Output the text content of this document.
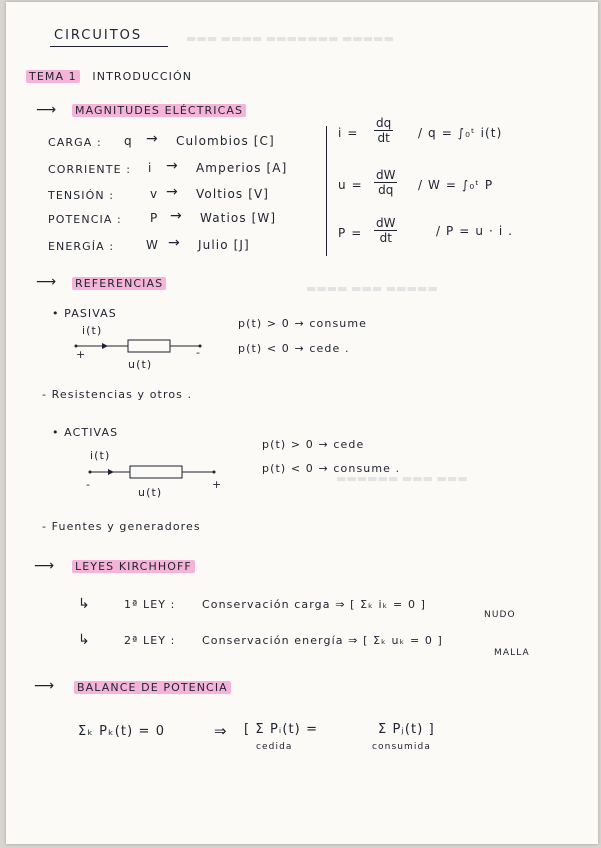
▬▬▬ ▬▬▬▬ ▬▬▬▬▬▬▬ ▬▬▬▬▬
▬▬▬▬ ▬▬▬ ▬▬▬▬▬
▬▬▬▬▬▬ ▬▬▬ ▬▬▬
CIRCUITOS
TEMA 1 INTRODUCCIÓN
⟶ MAGNITUDES ELÉCTRICAS
CARGA : q → Culombios [C]
CORRIENTE : i → Amperios [A]
TENSIÓN :	v → Voltios [V]
POTENCIA : P → Watios [W]
ENERGÍA :	W → Julio [J]
$i = \frac{dq}{dt} / q$ = ∫₀ᵗ i(t)
$u = \frac{dW}{dq} / W$ = ∫₀ᵗ P
$P = \frac{dW}{dt}$	/ P = u · i .
⟶ REFERENCIAS
• PASIVAS
i(t)
+	-
u(t)
p(t) > 0 → consume
p(t) < 0 → cede .
- Resistencias y otros .
• ACTIVAS
i(t)
-	+
u(t)
p(t) > 0 → cede
p(t) < 0 → consume .
- Fuentes y generadores
⟶ LEYES KIRCHHOFF
↳	1ª LEY : Conservación carga ⇒ [ Σₖ iₖ = 0 ]
NUDO
↳	2ª LEY : Conservación energía ⇒ [ Σₖ uₖ = 0 ]
MALLA
⟶ BALANCE DE POTENCIA
Σₖ Pₖ(t) = 0	⇒ [ Σ Pᵢ(t) =	Σ Pⱼ(t) ]
cedida	consumida
